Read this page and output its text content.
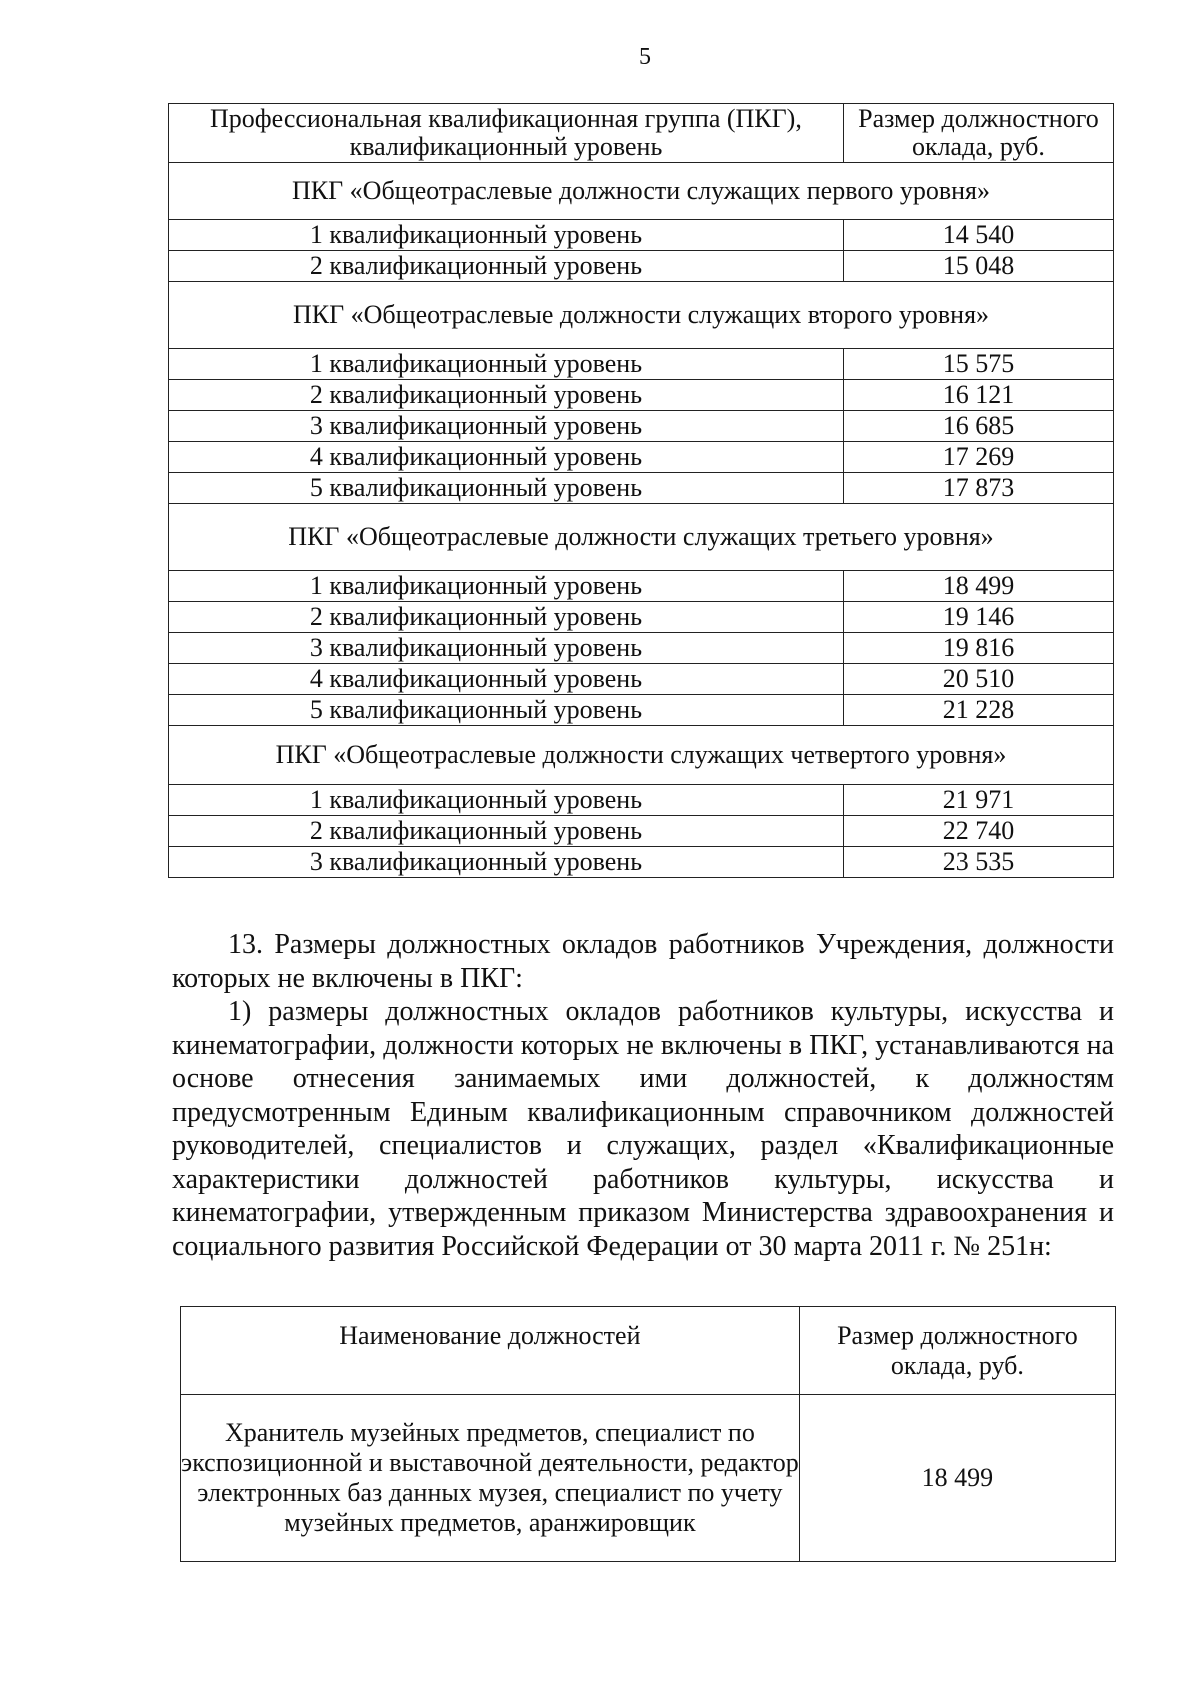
5
Профессиональная квалификационная группа (ПКГ), квалификационный уровень	Размер должностного оклада, руб.
ПКГ «Общеотраслевые должности служащих первого уровня»	
1 квалификационный уровень	14 540
2 квалификационный уровень	15 048
ПКГ «Общеотраслевые должности служащих второго уровня»	
1 квалификационный уровень	15 575
2 квалификационный уровень	16 121
3 квалификационный уровень	16 685
4 квалификационный уровень	17 269
5 квалификационный уровень	17 873
ПКГ «Общеотраслевые должности служащих третьего уровня»	
1 квалификационный уровень	18 499
2 квалификационный уровень	19 146
3 квалификационный уровень	19 816
4 квалификационный уровень	20 510
5 квалификационный уровень	21 228
ПКГ «Общеотраслевые должности служащих четвертого уровня»	
1 квалификационный уровень	21 971
2 квалификационный уровень	22 740
3 квалификационный уровень	23 535

13. Размеры должностных окладов работников Учреждения, должности которых не включены в ПКГ:

1) размеры должностных окладов работников культуры, искусства и кинематографии, должности которых не включены в ПКГ, устанавливаются на основе отнесения занимаемых ими должностей, к должностям предусмотренным Единым квалификационным справочником должностей руководителей, специалистов и служащих, раздел «Квалификационные характеристики должностей работников культуры, искусства и кинематографии, утвержденным приказом Министерства здравоохранения и социального развития Российской Федерации от 30 марта 2011 г. № 251н:

Наименование должностей	Размер должностного оклада, руб.
Хранитель музейных предметов, специалист по экспозиционной и выставочной деятельности, редактор электронных баз данных музея, специалист по учету музейных предметов, аранжировщик	18 499
